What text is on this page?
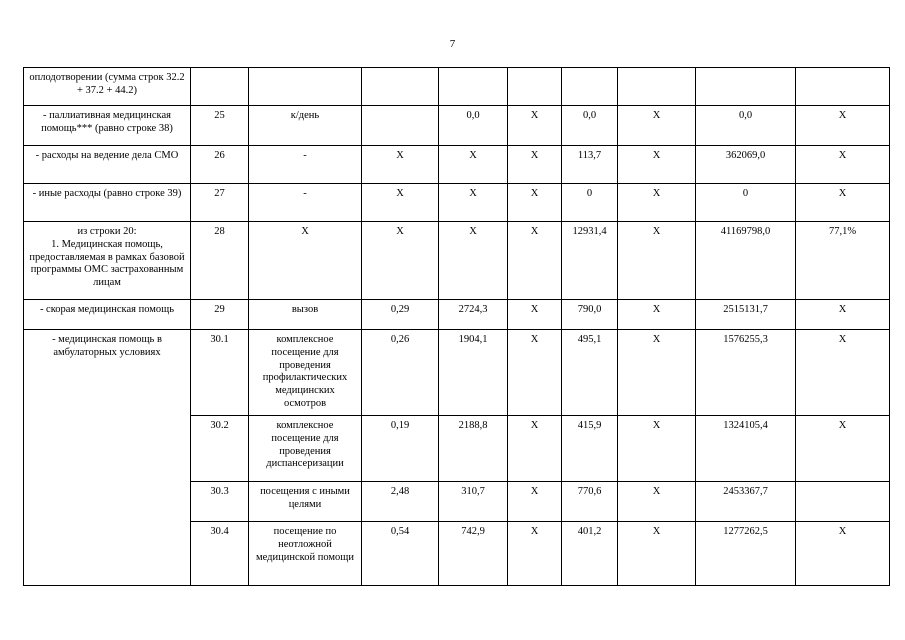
7
оплодотворении (сумма строк 32.2 + 37.2 + 44.2)									
- паллиативная медицинская помощь*** (равно строке 38)	25	к/день		0,0	X	0,0	X	0,0	X
- расходы на ведение дела СМО	26	-	X	X	X	113,7	X	362069,0	X
- иные расходы (равно строке 39)	27	-	X	X	X	0	X	0	X
из строки 20:
1. Медицинская помощь, предоставляемая в рамках базовой программы ОМС застрахованным лицам	28	X	X	X	X	12931,4	X	41169798,0	77,1%
- скорая медицинская помощь	29	вызов	0,29	2724,3	X	790,0	X	2515131,7	X
- медицинская помощь в амбулаторных условиях	30.1	комплексное посещение для проведения профилактических медицинских осмотров	0,26	1904,1	X	495,1	X	1576255,3	X
	30.2	комплексное посещение для проведения диспансеризации	0,19	2188,8	X	415,9	X	1324105,4	X
	30.3	посещения с иными целями	2,48	310,7	X	770,6	X	2453367,7	
	30.4	посещение по неотложной медицинской помощи	0,54	742,9	X	401,2	X	1277262,5	X
